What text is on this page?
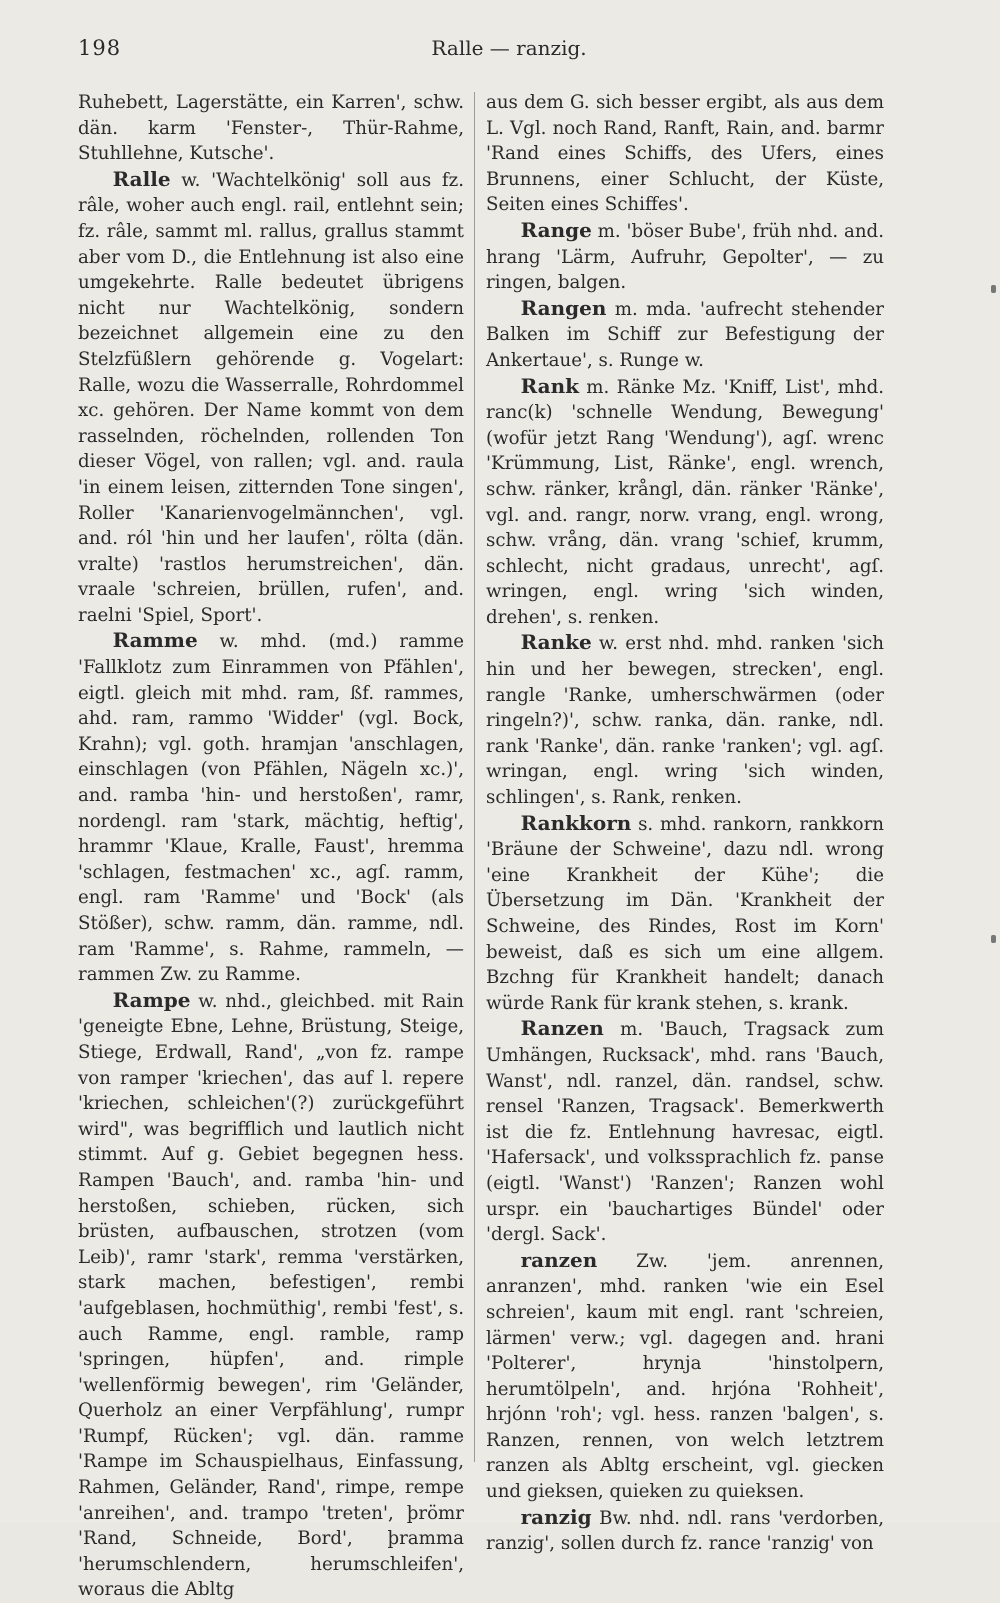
198	Ralle — ranzig.

Ruhebett, Lagerstätte, ein Karren', schw. dän. karm 'Fenster-, Thür-Rahme, Stuhllehne, Kutsche'.

Ralle w. 'Wachtelkönig' soll aus fz. râle, woher auch engl. rail, entlehnt sein; fz. râle, sammt ml. rallus, grallus stammt aber vom D., die Entlehnung ist also eine umgekehrte. Ralle bedeutet übrigens nicht nur Wachtelkönig, sondern bezeichnet allgemein eine zu den Stelzfüßlern gehörende g. Vogelart: Ralle, wozu die Wasserralle, Rohrdommel xc. gehören. Der Name kommt von dem rasselnden, röchelnden, rollenden Ton dieser Vögel, von rallen; vgl. and. raula 'in einem leisen, zitternden Tone singen', Roller 'Kanarienvogelmännchen', vgl. and. ról 'hin und her laufen', rölta (dän. vralte) 'rastlos herumstreichen', dän. vraale 'schreien, brüllen, rufen', and. raelni 'Spiel, Sport'.

Ramme w. mhd. (md.) ramme 'Fallklotz zum Einrammen von Pfählen', eigtl. gleich mit mhd. ram, ßf. rammes, ahd. ram, rammo 'Widder' (vgl. Bock, Krahn); vgl. goth. hramjan 'anschlagen, einschlagen (von Pfählen, Nägeln xc.)', and. ramba 'hin- und herstoßen', ramr, nordengl. ram 'stark, mächtig, heftig', hrammr 'Klaue, Kralle, Faust', hremma 'schlagen, festmachen' xc., agſ. ramm, engl. ram 'Ramme' und 'Bock' (als Stößer), schw. ramm, dän. ramme, ndl. ram 'Ramme', s. Rahme, rammeln, — rammen Zw. zu Ramme.

Rampe w. nhd., gleichbed. mit Rain 'geneigte Ebne, Lehne, Brüstung, Steige, Stiege, Erdwall, Rand', „von fz. rampe von ramper 'kriechen', das auf l. repere 'kriechen, schleichen'(?) zurückgeführt wird", was begrifflich und lautlich nicht stimmt. Auf g. Gebiet begegnen hess. Rampen 'Bauch', and. ramba 'hin- und herstoßen, schieben, rücken, sich brüsten, aufbauschen, strotzen (vom Leib)', ramr 'stark', remma 'verstärken, stark machen, befestigen', rembi 'aufgeblasen, hochmüthig', rembi 'fest', s. auch Ramme, engl. ramble, ramp 'springen, hüpfen', and. rimple 'wellenförmig bewegen', rim 'Geländer, Querholz an einer Verpfählung', rumpr 'Rumpf, Rücken'; vgl. dän. ramme 'Rampe im Schauspielhaus, Einfassung, Rahmen, Geländer, Rand', rimpe, rempe 'anreihen', and. trampo 'treten', þrömr 'Rand, Schneide, Bord', þramma 'herumschlendern, herumschleifen', woraus die Abltg

aus dem G. sich besser ergibt, als aus dem L. Vgl. noch Rand, Ranft, Rain, and. barmr 'Rand eines Schiffs, des Ufers, eines Brunnens, einer Schlucht, der Küste, Seiten eines Schiffes'.

Range m. 'böser Bube', früh nhd. and. hrang 'Lärm, Aufruhr, Gepolter', — zu ringen, balgen.

Rangen m. mda. 'aufrecht stehender Balken im Schiff zur Befestigung der Ankertaue', s. Runge w.

Rank m. Ränke Mz. 'Kniff, List', mhd. ranc(k) 'schnelle Wendung, Bewegung' (wofür jetzt Rang 'Wendung'), agſ. wrenc 'Krümmung, List, Ränke', engl. wrench, schw. ränker, krångl, dän. ränker 'Ränke', vgl. and. rangr, norw. vrang, engl. wrong, schw. vrång, dän. vrang 'schief, krumm, schlecht, nicht gradaus, unrecht', agſ. wringen, engl. wring 'sich winden, drehen', s. renken.

Ranke w. erst nhd. mhd. ranken 'sich hin und her bewegen, strecken', engl. rangle 'Ranke, umherschwärmen (oder ringeln?)', schw. ranka, dän. ranke, ndl. rank 'Ranke', dän. ranke 'ranken'; vgl. agſ. wringan, engl. wring 'sich winden, schlingen', s. Rank, renken.

Rankkorn s. mhd. rankorn, rankkorn 'Bräune der Schweine', dazu ndl. wrong 'eine Krankheit der Kühe'; die Übersetzung im Dän. 'Krankheit der Schweine, des Rindes, Rost im Korn' beweist, daß es sich um eine allgem. Bzchng für Krankheit handelt; danach würde Rank für krank stehen, s. krank.

Ranzen m. 'Bauch, Tragsack zum Umhängen, Rucksack', mhd. rans 'Bauch, Wanst', ndl. ranzel, dän. randsel, schw. rensel 'Ranzen, Tragsack'. Bemerkwerth ist die fz. Entlehnung havresac, eigtl. 'Hafersack', und volkssprachlich fz. panse (eigtl. 'Wanst') 'Ranzen'; Ranzen wohl urspr. ein 'bauchartiges Bündel' oder 'dergl. Sack'.

ranzen Zw. 'jem. anrennen, anranzen', mhd. ranken 'wie ein Esel schreien', kaum mit engl. rant 'schreien, lärmen' verw.; vgl. dagegen and. hrani 'Polterer', hrynja 'hinstolpern, herumtölpeln', and. hrjóna 'Rohheit', hrjónn 'roh'; vgl. hess. ranzen 'balgen', s. Ranzen, rennen, von welch letztrem ranzen als Abltg erscheint, vgl. giecken und gieksen, quieken zu quieksen.

ranzig Bw. nhd. ndl. rans 'verdorben, ranzig', sollen durch fz. rance 'ranzig' von
